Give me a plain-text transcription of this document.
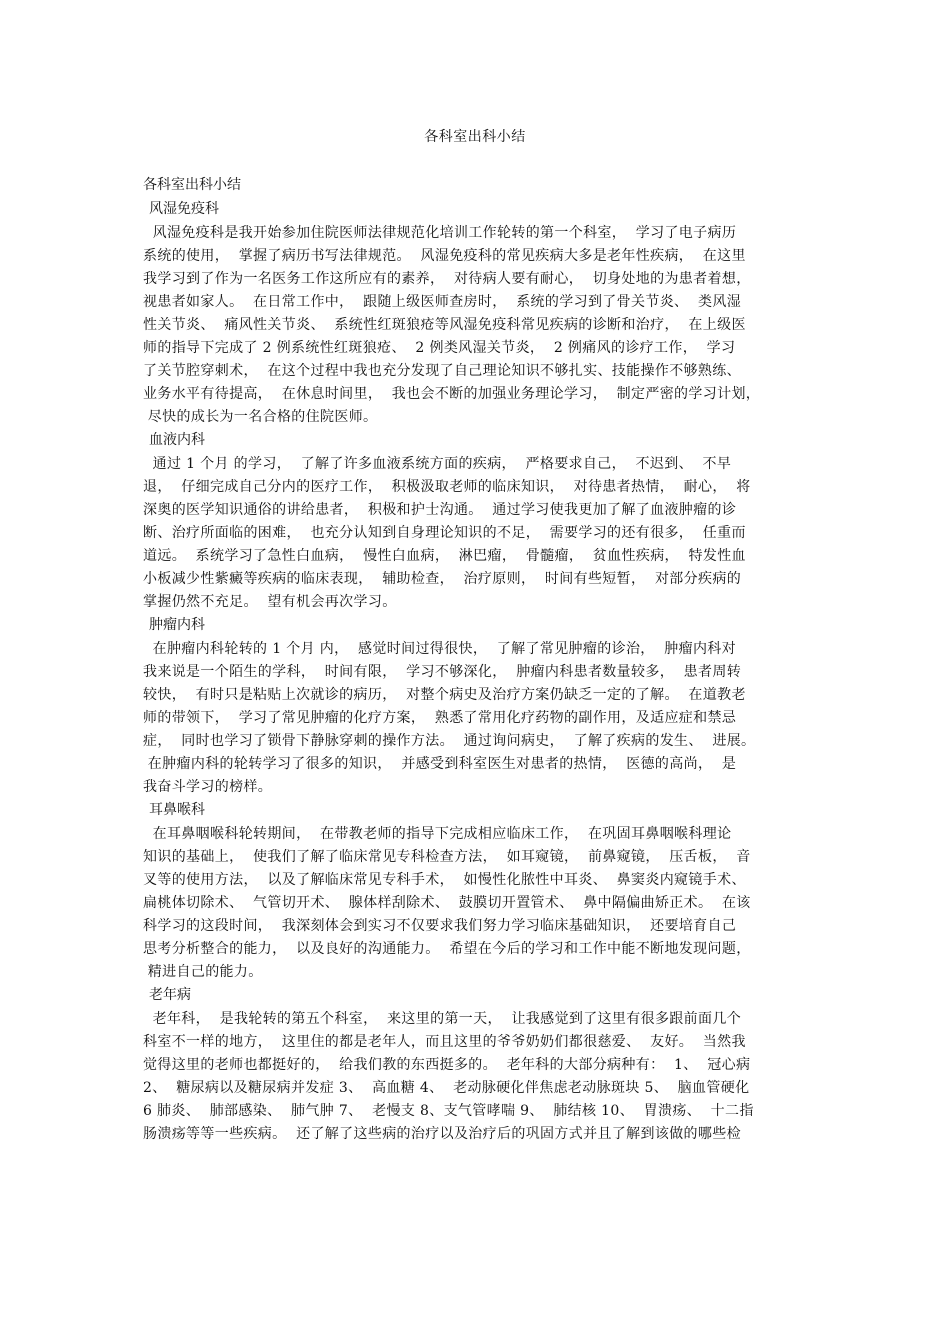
各科室出科小结
各科室出科小结
风湿免疫科
风湿免疫科是我开始参加住院医师法律规范化培训工作轮转的第一个科室，  学习了电子病历
系统的使用，  掌握了病历书写法律规范。  风湿免疫科的常见疾病大多是老年性疾病，  在这里
我学习到了作为一名医务工作这所应有的素养，  对待病人要有耐心，  切身处地的为患者着想，
视患者如家人。  在日常工作中，  跟随上级医师查房时，  系统的学习到了骨关节炎、  类风湿
性关节炎、  痛风性关节炎、  系统性红斑狼疮等风湿免疫科常见疾病的诊断和治疗，  在上级医
师的指导下完成了 2 例系统性红斑狼疮、  2 例类风湿关节炎，  2 例痛风的诊疗工作，  学习
了关节腔穿刺术，  在这个过程中我也充分发现了自己理论知识不够扎实、技能操作不够熟练、
业务水平有待提高，  在休息时间里，  我也会不断的加强业务理论学习，  制定严密的学习计划，
尽快的成长为一名合格的住院医师。
血液内科
通过 1 个月 的学习，  了解了许多血液系统方面的疾病，  严格要求自己，  不迟到、  不早
退，  仔细完成自己分内的医疗工作，  积极汲取老师的临床知识，  对待患者热情，  耐心，  将
深奥的医学知识通俗的讲给患者，  积极和护士沟通。  通过学习使我更加了解了血液肿瘤的诊
断、治疗所面临的困难，  也充分认知到自身理论知识的不足，  需要学习的还有很多，  任重而
道远。  系统学习了急性白血病，  慢性白血病，  淋巴瘤，  骨髓瘤，  贫血性疾病，  特发性血
小板减少性紫癜等疾病的临床表现，  辅助检查，  治疗原则，  时间有些短暂，  对部分疾病的
掌握仍然不充足。  望有机会再次学习。
肿瘤内科
在肿瘤内科轮转的 1 个月 内，  感觉时间过得很快，  了解了常见肿瘤的诊治，  肿瘤内科对
我来说是一个陌生的学科，  时间有限，  学习不够深化，  肿瘤内科患者数量较多，  患者周转
较快，  有时只是粘贴上次就诊的病历，  对整个病史及治疗方案仍缺乏一定的了解。  在道教老
师的带领下，  学习了常见肿瘤的化疗方案，  熟悉了常用化疗药物的副作用，及适应症和禁忌
症，  同时也学习了锁骨下静脉穿刺的操作方法。  通过询问病史，  了解了疾病的发生、  进展。
在肿瘤内科的轮转学习了很多的知识，  并感受到科室医生对患者的热情，  医德的高尚，  是
我奋斗学习的榜样。
耳鼻喉科
在耳鼻咽喉科轮转期间，  在带教老师的指导下完成相应临床工作，  在巩固耳鼻咽喉科理论
知识的基础上，  使我们了解了临床常见专科检查方法，  如耳窥镜，  前鼻窥镜，  压舌板，  音
叉等的使用方法，  以及了解临床常见专科手术，  如慢性化脓性中耳炎、  鼻窦炎内窥镜手术、
扁桃体切除术、  气管切开术、  腺体样刮除术、  鼓膜切开置管术、  鼻中隔偏曲矫正术。  在该
科学习的这段时间，  我深刻体会到实习不仅要求我们努力学习临床基础知识，  还要培育自己
思考分析整合的能力，  以及良好的沟通能力。  希望在今后的学习和工作中能不断地发现问题，
精进自己的能力。
老年病
老年科，  是我轮转的第五个科室，  来这里的第一天，  让我感觉到了这里有很多跟前面几个
科室不一样的地方，  这里住的都是老年人，而且这里的爷爷奶奶们都很慈爱、  友好。  当然我
觉得这里的老师也都挺好的，  给我们教的东西挺多的。  老年科的大部分病种有：  1、  冠心病
2、  糖尿病以及糖尿病并发症 3、  高血糖 4、  老动脉硬化伴焦虑老动脉斑块 5、  脑血管硬化
6 肺炎、  肺部感染、  肺气肿 7、  老慢支 8、支气管哮喘 9、  肺结核 10、  胃溃疡、  十二指
肠溃疡等等一些疾病。  还了解了这些病的治疗以及治疗后的巩固方式并且了解到该做的哪些检
